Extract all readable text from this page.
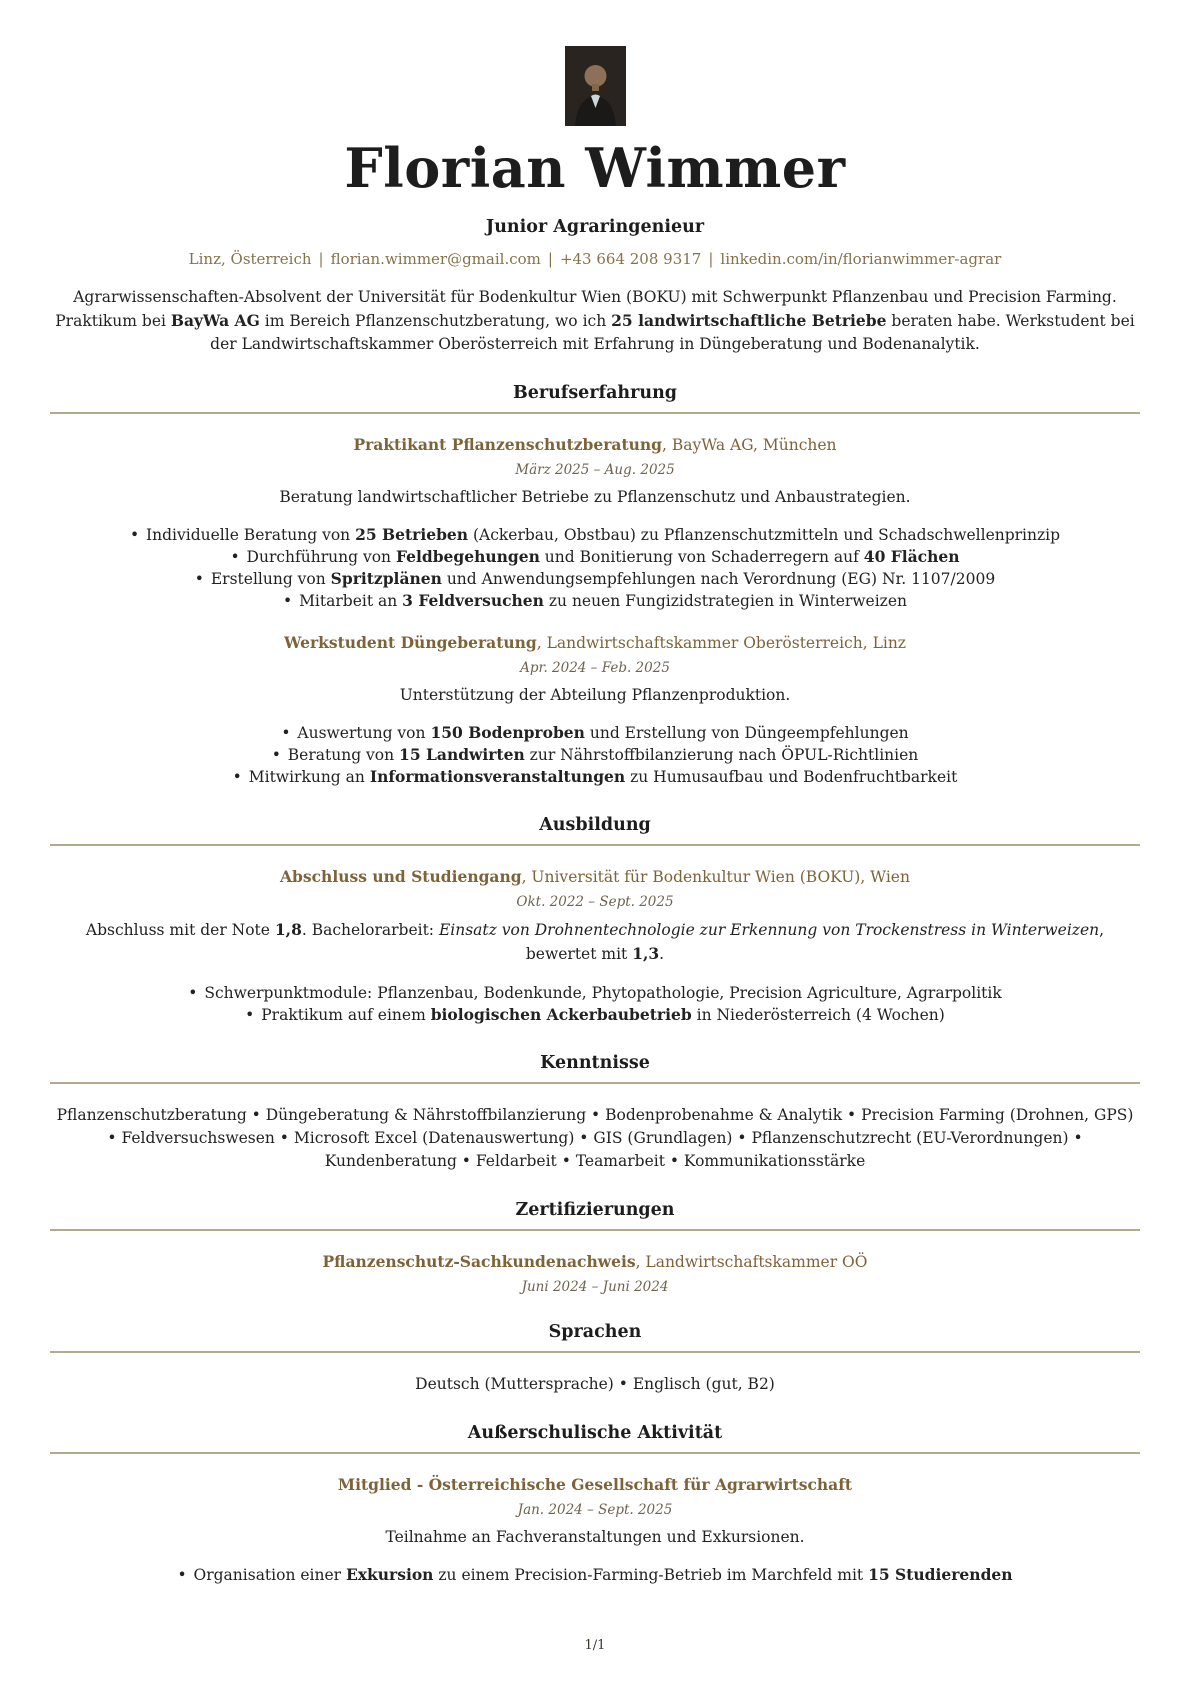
Florian Wimmer
Junior Agraringenieur
Linz, Österreich | florian.wimmer@gmail.com | +43 664 208 9317 | linkedin.com/in/florianwimmer-agrar

Agrarwissenschaften-Absolvent der Universität für Bodenkultur Wien (BOKU) mit Schwerpunkt Pflanzenbau und Precision Farming. Praktikum bei BayWa AG im Bereich Pflanzenschutzberatung, wo ich 25 landwirtschaftliche Betriebe beraten habe. Werkstudent bei der Landwirtschaftskammer Oberösterreich mit Erfahrung in Düngeberatung und Bodenanalytik.

Berufserfahrung
Praktikant Pflanzenschutzberatung, BayWa AG, München
März 2025 – Aug. 2025
Beratung landwirtschaftlicher Betriebe zu Pflanzenschutz und Anbaustrategien.
• Individuelle Beratung von 25 Betrieben (Ackerbau, Obstbau) zu Pflanzenschutzmitteln und Schadschwellenprinzip
• Durchführung von Feldbegehungen und Bonitierung von Schaderregern auf 40 Flächen
• Erstellung von Spritzplänen und Anwendungsempfehlungen nach Verordnung (EG) Nr. 1107/2009
• Mitarbeit an 3 Feldversuchen zu neuen Fungizidstrategien in Winterweizen
Werkstudent Düngeberatung, Landwirtschaftskammer Oberösterreich, Linz
Apr. 2024 – Feb. 2025
Unterstützung der Abteilung Pflanzenproduktion.
• Auswertung von 150 Bodenproben und Erstellung von Düngeempfehlungen
• Beratung von 15 Landwirten zur Nährstoffbilanzierung nach ÖPUL-Richtlinien
• Mitwirkung an Informationsveranstaltungen zu Humusaufbau und Bodenfruchtbarkeit
Ausbildung
Abschluss und Studiengang, Universität für Bodenkultur Wien (BOKU), Wien
Okt. 2022 – Sept. 2025
Abschluss mit der Note 1,8. Bachelorarbeit: Einsatz von Drohnentechnologie zur Erkennung von Trockenstress in Winterweizen, bewertet mit 1,3.
• Schwerpunktmodule: Pflanzenbau, Bodenkunde, Phytopathologie, Precision Agriculture, Agrarpolitik
• Praktikum auf einem biologischen Ackerbaubetrieb in Niederösterreich (4 Wochen)
Kenntnisse
Pflanzenschutzberatung • Düngeberatung & Nährstoffbilanzierung • Bodenprobenahme & Analytik • Precision Farming (Drohnen, GPS) • Feldversuchswesen • Microsoft Excel (Datenauswertung) • GIS (Grundlagen) • Pflanzenschutzrecht (EU-Verordnungen) • Kundenberatung • Feldarbeit • Teamarbeit • Kommunikationsstärke
Zertifizierungen
Pflanzenschutz-Sachkundenachweis, Landwirtschaftskammer OÖ
Juni 2024 – Juni 2024
Sprachen
Deutsch (Muttersprache) • Englisch (gut, B2)
Außerschulische Aktivität
Mitglied - Österreichische Gesellschaft für Agrarwirtschaft
Jan. 2024 – Sept. 2025
Teilnahme an Fachveranstaltungen und Exkursionen.
• Organisation einer Exkursion zu einem Precision-Farming-Betrieb im Marchfeld mit 15 Studierenden
1/1
